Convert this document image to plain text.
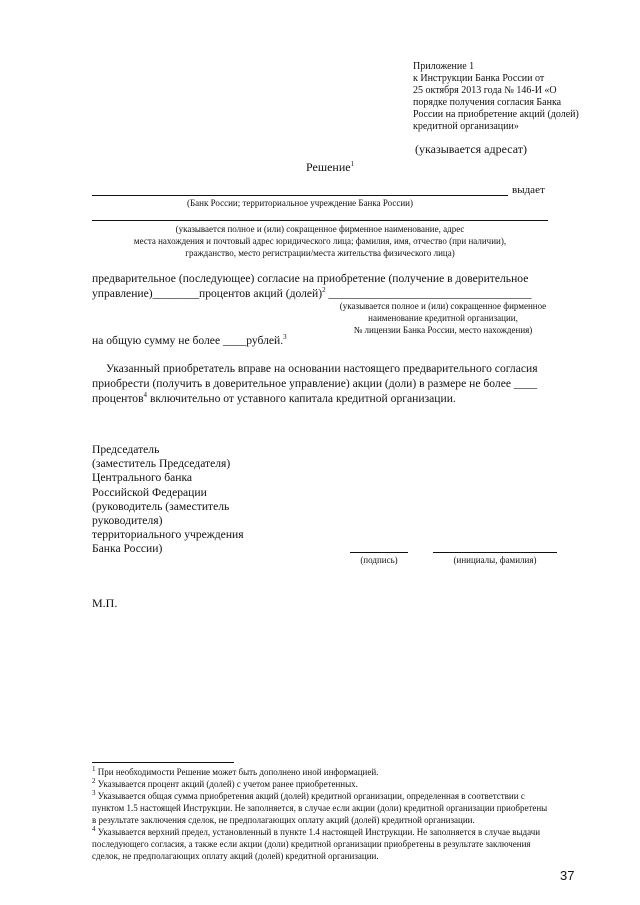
Приложение 1
к Инструкции Банка России от
25 октября 2013 года № 146-И «О
порядке получения согласия Банка
России на приобретение акций (долей)
кредитной организации»
(указывается адресат)
Решение$^1$
выдает
(Банк России; территориальное учреждение Банка России)
(указывается полное и (или) сокращенное фирменное наименование, адрес
места нахождения и почтовый адрес юридического лица; фамилия, имя, отчество (при наличии),
гражданство, место регистрации/места жительства физического лица)
предварительное (последующее) согласие на приобретение (получение в доверительное
управление)________процентов акций (долей)$^2$ ___________________________________
(указывается полное и (или) сокращенное фирменное
наименование кредитной организации,
№ лицензии Банка России, место нахождения)
на общую сумму не более ____рублей.$^3$
Указанный приобретатель вправе на основании настоящего предварительного согласия
приобрести (получить в доверительное управление) акции (доли) в размере не более ____
процентов$^4$ включительно от уставного капитала кредитной организации.
Председатель
(заместитель Председателя)
Центрального банка
Российской Федерации
(руководитель (заместитель
руководителя)
территориального учреждения
Банка России)
(подпись)	(инициалы, фамилия)
М.П.
$^1$ При необходимости Решение может быть дополнено иной информацией.
$^2$ Указывается процент акций (долей) с учетом ранее приобретенных.
$^3$ Указывается общая сумма приобретения акций (долей) кредитной организации, определенная в соответствии с
пунктом 1.5 настоящей Инструкции. Не заполняется, в случае если акции (доли) кредитной организации приобретены
в результате заключения сделок, не предполагающих оплату акций (долей) кредитной организации.
$^4$ Указывается верхний предел, установленный в пункте 1.4 настоящей Инструкции. Не заполняется в случае выдачи
последующего согласия, а также если акции (доли) кредитной организации приобретены в результате заключения
сделок, не предполагающих оплату акций (долей) кредитной организации.
37
